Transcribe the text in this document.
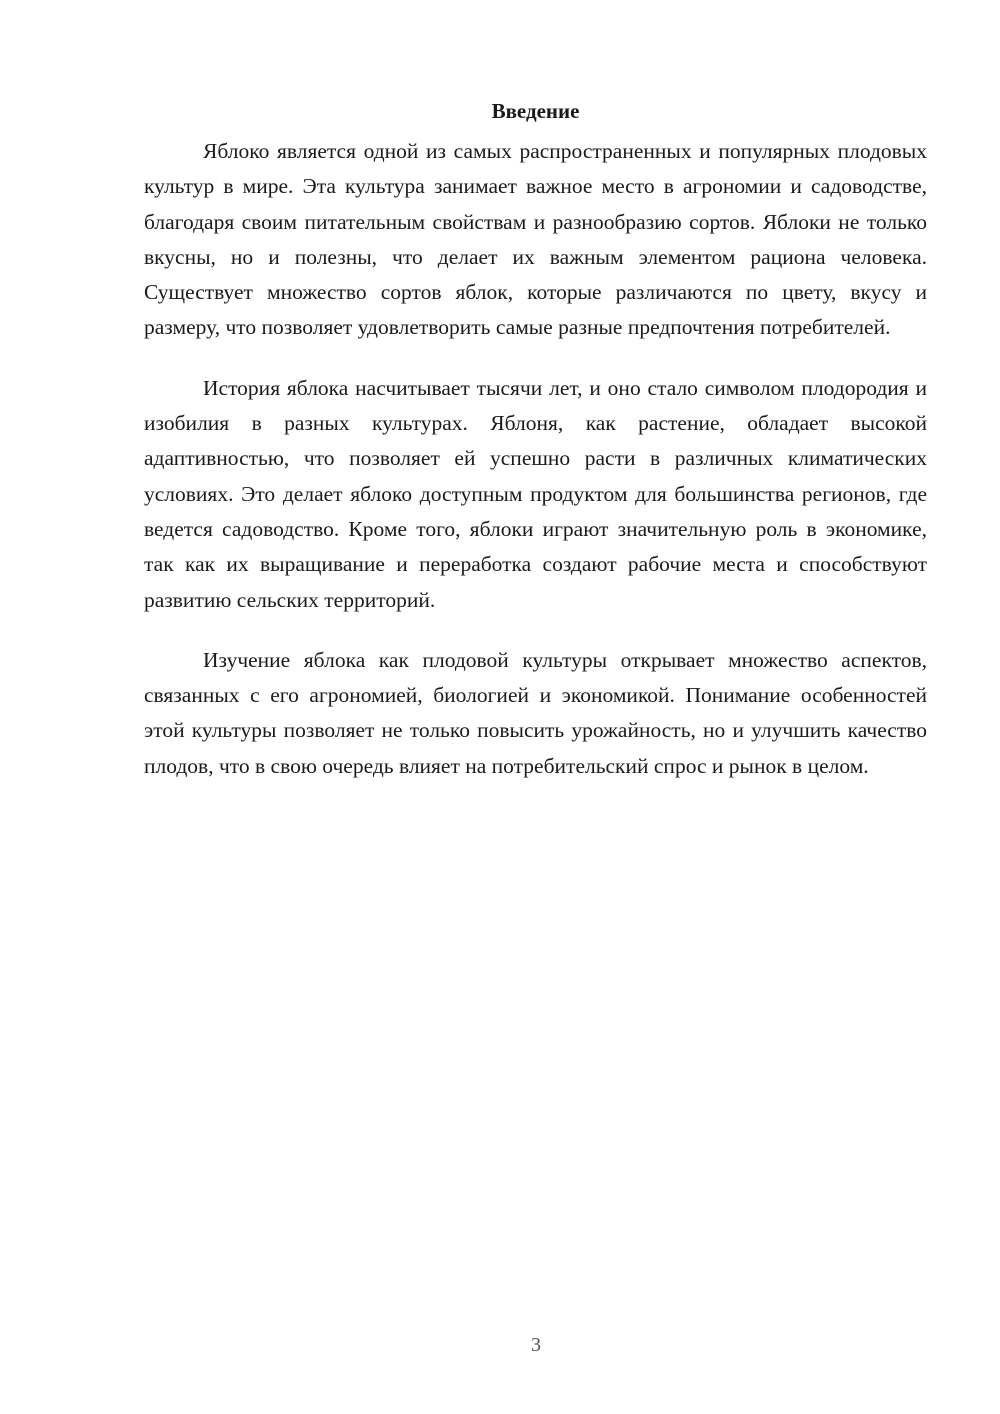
Введение

Яблоко является одной из самых распространенных и популярных плодовых культур в мире. Эта культура занимает важное место в агрономии и садоводстве, благодаря своим питательным свойствам и разнообразию сортов. Яблоки не только вкусны, но и полезны, что делает их важным элементом рациона человека. Существует множество сортов яблок, которые различаются по цвету, вкусу и размеру, что позволяет удовлетворить самые разные предпочтения потребителей.

История яблока насчитывает тысячи лет, и оно стало символом плодородия и изобилия в разных культурах. Яблоня, как растение, обладает высокой адаптивностью, что позволяет ей успешно расти в различных климатических условиях. Это делает яблоко доступным продуктом для большинства регионов, где ведется садоводство. Кроме того, яблоки играют значительную роль в экономике, так как их выращивание и переработка создают рабочие места и способствуют развитию сельских территорий.

Изучение яблока как плодовой культуры открывает множество аспектов, связанных с его агрономией, биологией и экономикой. Понимание особенностей этой культуры позволяет не только повысить урожайность, но и улучшить качество плодов, что в свою очередь влияет на потребительский спрос и рынок в целом.

3
